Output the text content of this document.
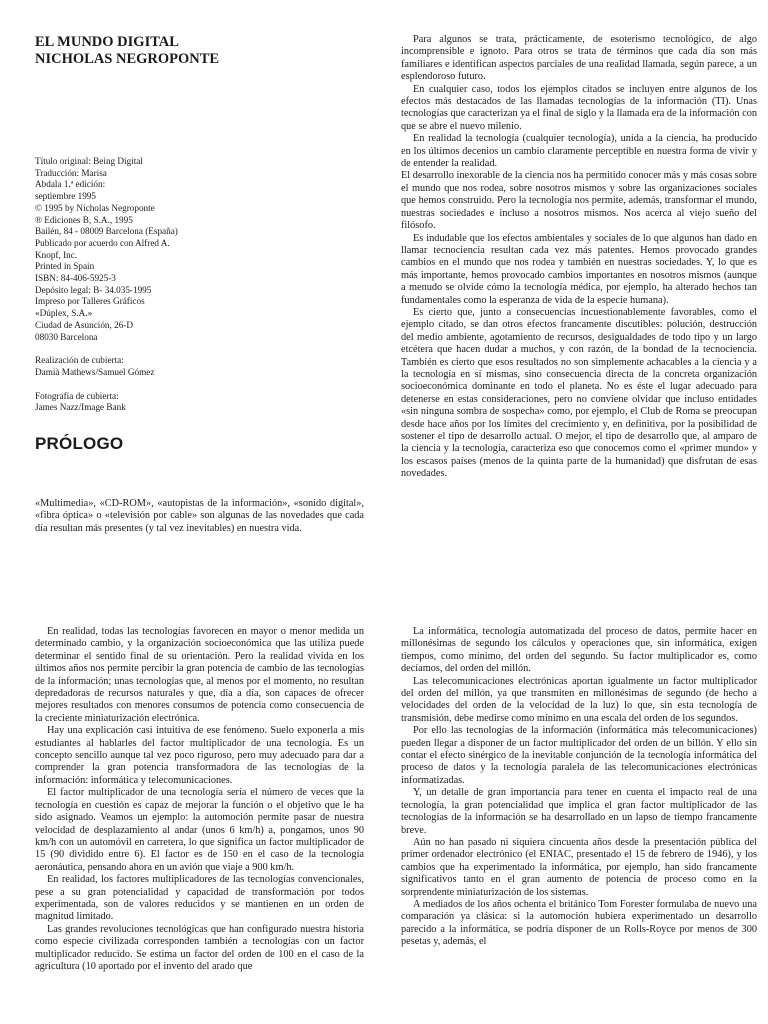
EL MUNDO DIGITAL
NICHOLAS NEGROPONTE
Título original: Being Digital
Traducción: Marisa
Abdala 1.ª edición:
septiembre 1995
© 1995 by Nicholas Negroponte
® Ediciones B, S.A., 1995
Bailén, 84 - 08009 Barcelona (España)
Publicado por acuerdo con Alfred A.
Knopf, Inc.
Printed in Spain
ISBN: 84-406-5925-3
Depósito legal: B- 34.035-1995
Impreso por Talleres Gráficos
«Dúplex, S.A.»
Ciudad de Asunción, 26-D
08030 Barcelona
Realización de cubierta:
Damià Mathews/Samuel Gómez
Fotografía de cubierta:
James Nazz/Image Bank
PRÓLOGO

«Multimedia», «CD-ROM», «autopistas de la información», «sonido digital», «fibra óptica» o «televisión por cable» son algunas de las novedades que cada día resultan más presentes (y tal vez inevitables) en nuestra vida.

Para algunos se trata, prácticamente, de esoterismo tecnológico, de algo incomprensible e ignoto. Para otros se trata de términos que cada día son más familiares e identifican aspectos parciales de una realidad llamada, según parece, a un esplendoroso futuro.

En cualquier caso, todos los ejemplos citados se incluyen entre algunos de los efectos más destacados de las llamadas tecnologías de la información (TI). Unas tecnologías que caracterizan ya el final de siglo y la llamada era de la información con que se abre el nuevo milenio.

En realidad la tecnología (cualquier tecnología), unida a la ciencia, ha producido en los últimos decenios un cambio claramente perceptible en nuestra forma de vivir y de entender la realidad.

El desarrollo inexorable de la ciencia nos ha permitido conocer más y más cosas sobre el mundo que nos rodea, sobre nosotros mismos y sobre las organizaciones sociales que hemos construido. Pero la tecnología nos permite, además, transformar el mundo, nuestras sociedades e incluso a nosotros mismos. Nos acerca al viejo sueño del filósofo.

Es indudable que los efectos ambientales y sociales de lo que algunos han dado en llamar tecnociencia resultan cada vez más patentes. Hemos provocado grandes cambios en el mundo que nos rodea y también en nuestras sociedades. Y, lo que es más importante, hemos provocado cambios importantes en nosotros mismos (aunque a menudo se olvide cómo la tecnología médica, por ejemplo, ha alterado hechos tan fundamentales como la esperanza de vida de la especie humana).

Es cierto que, junto a consecuencias incuestionablemente favorables, como el ejemplo citado, se dan otros efectos francamente discutibles: polución, destrucción del medio ambiente, agotamiento de recursos, desigualdades de todo tipo y un largo etcétera que hacen dudar a muchos, y con razón, de la bondad de la tecnociencia. También es cierto que esos resultados no son simplemente achacables a la ciencia y a la tecnología en sí mismas, sino consecuencia directa de la concreta organización socioeconómica dominante en todo el planeta. No es éste el lugar adecuado para detenerse en estas consideraciones, pero no conviene olvidar que incluso entidades «sin ninguna sombra de sospecha» como, por ejemplo, el Club de Roma se preocupan desde hace años por los límites del crecimiento y, en definitiva, por la posibilidad de sostener el tipo de desarrollo actual. O mejor, el tipo de desarrollo que, al amparo de la ciencia y la tecnología, caracteriza eso que conocemos como el «primer mundo» y los escasos países (menos de la quinta parte de la humanidad) que disfrutan de esas novedades.

En realidad, todas las tecnologías favorecen en mayor o menor medida un determinado cambio, y la organización socioeconómica que las utiliza puede determinar el sentido final de su orientación. Pero la realidad vivida en los últimos años nos permite percibir la gran potencia de cambio de las tecnologías de la información; unas tecnologías que, al menos por el momento, no resultan depredadoras de recursos naturales y que, día a día, son capaces de ofrecer mejores resultados con menores consumos de potencia como consecuencia de la creciente miniaturización electrónica.

Hay una explicación casi intuitiva de ese fenómeno. Suelo exponerla a mis estudiantes al hablarles del factor multiplicador de una tecnología. Es un concepto sencillo aunque tal vez poco riguroso, pero muy adecuado para dar a comprender la gran potencia transformadora de las tecnologías de la información: informática y telecomunicaciones.

El factor multiplicador de una tecnología sería el número de veces que la tecnología en cuestión es capaz de mejorar la función o el objetivo que le ha sido asignado. Veamos un ejemplo: la automoción permite pasar de nuestra velocidad de desplazamiento al andar (unos 6 km/h) a, pongamos, unos 90 km/h con un automóvil en carretera, lo que significa un factor multiplicador de 15 (90 dividido entre 6). El factor es de 150 en el caso de la tecnología aeronáutica, pensando ahora en un avión que viaje a 900 km/h.

En realidad, los factores multiplicadores de las tecnologías convencionales, pese a su gran potencialidad y capacidad de transformación por todos experimentada, son de valores reducidos y se mantienen en un orden de magnitud limitado.

Las grandes revoluciones tecnológicas que han configurado nuestra historia como especie civilizada corresponden también a tecnologías con un factor multiplicador reducido. Se estima un factor del orden de 100 en el caso de la agricultura (10 aportado por el invento del arado que

La informática, tecnología automatizada del proceso de datos, permite hacer en millonésimas de segundo los cálculos y operaciones que, sin informática, exigen tiempos, como mínimo, del orden del segundo. Su factor multiplicador es, como decíamos, del orden del millón.

Las telecomunicaciones electrónicas aportan igualmente un factor multiplicador del orden del millón, ya que transmiten en millonésimas de segundo (de hecho a velocidades del orden de la velocidad de la luz) lo que, sin esta tecnología de transmisión, debe medirse como mínimo en una escala del orden de los segundos.

Por ello las tecnologías de la información (informática más telecomunicaciones) pueden llegar a disponer de un factor multiplicador del orden de un billón. Y ello sin contar el efecto sinérgico de la inevitable conjunción de la tecnología informática del proceso de datos y la tecnología paralela de las telecomunicaciones electrónicas informatizadas.

Y, un detalle de gran importancia para tener en cuenta el impacto real de una tecnología, la gran potencialidad que implica el gran factor multiplicador de las tecnologías de la información se ha desarrollado en un lapso de tiempo francamente breve.

Aún no han pasado ni siquiera cincuenta años desde la presentación pública del primer ordenador electrónico (el ENIAC, presentado el 15 de febrero de 1946), y los cambios que ha experimentado la informática, por ejemplo, han sido francamente significativos tanto en el gran aumento de potencia de proceso como en la sorprendente miniaturización de los sistemas.

A mediados de los años ochenta el británico Tom Forester formulaba de nuevo una comparación ya clásica: si la automoción hubiera experimentado un desarrollo parecido a la informática, se podría disponer de un Rolls-Royce por menos de 300 pesetas y, además, el
